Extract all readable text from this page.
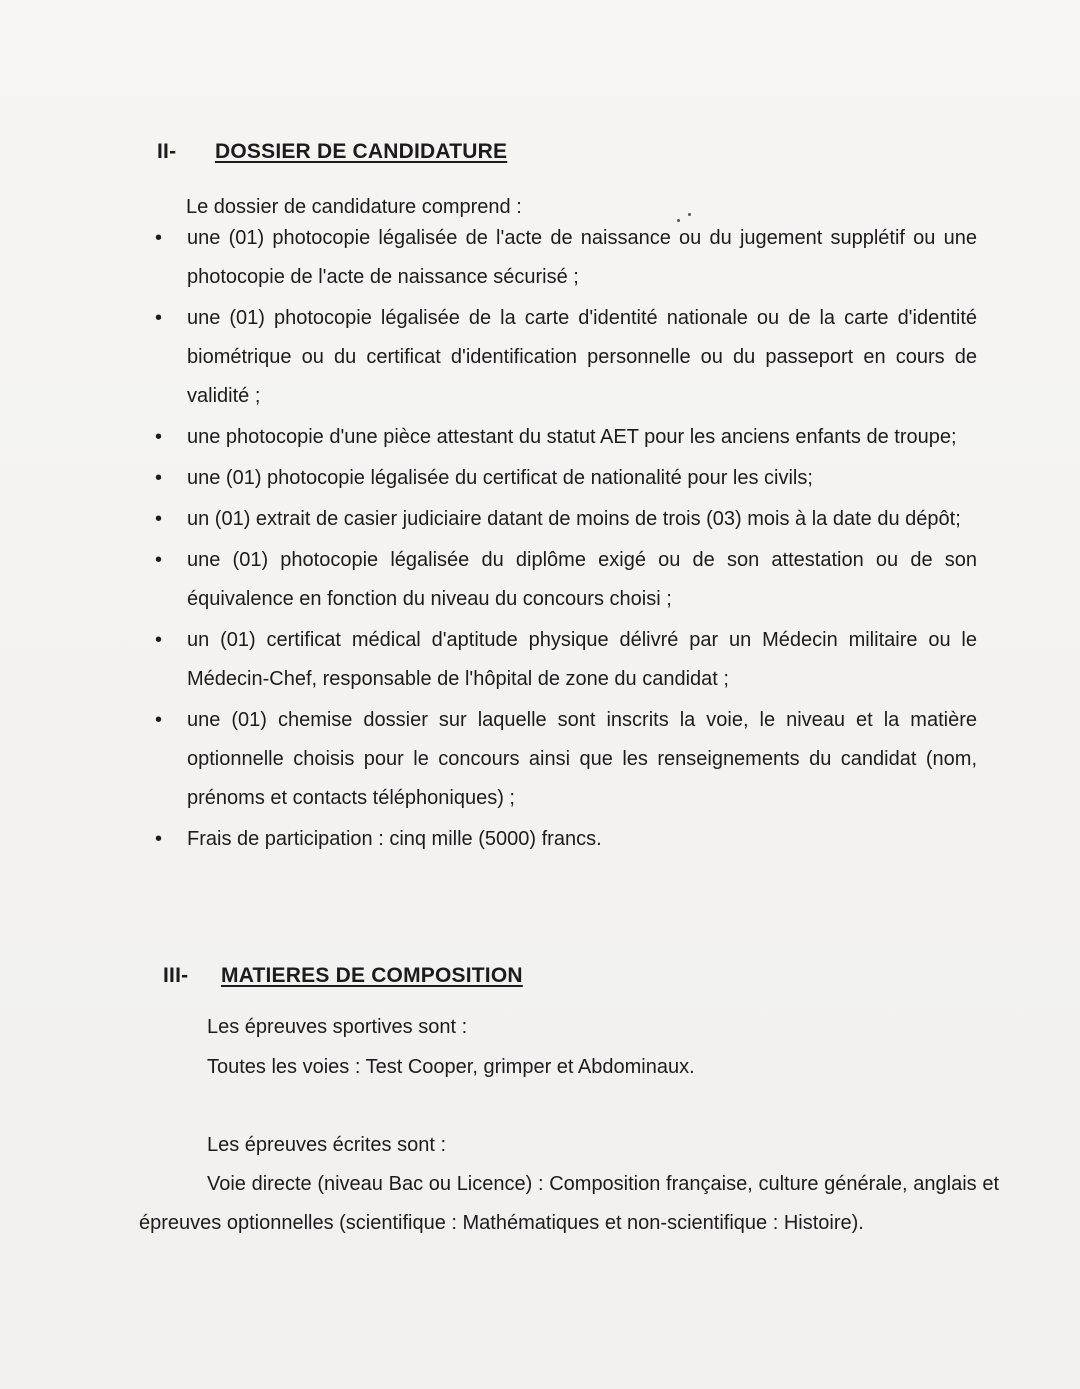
II- DOSSIER DE CANDIDATURE
Le dossier de candidature comprend :
• une (01) photocopie légalisée de l'acte de naissance ou du jugement supplétif ou une photocopie de l'acte de naissance sécurisé ;
• une (01) photocopie légalisée de la carte d'identité nationale ou de la carte d'identité biométrique ou du certificat d'identification personnelle ou du passeport en cours de validité ;
• une photocopie d'une pièce attestant du statut AET pour les anciens enfants de troupe;
• une (01) photocopie légalisée du certificat de nationalité pour les civils;
• un (01) extrait de casier judiciaire datant de moins de trois (03) mois à la date du dépôt;
• une (01) photocopie légalisée du diplôme exigé ou de son attestation ou de son équivalence en fonction du niveau du concours choisi ;
• un (01) certificat médical d'aptitude physique délivré par un Médecin militaire ou le Médecin-Chef, responsable de l'hôpital de zone du candidat ;
• une (01) chemise dossier sur laquelle sont inscrits la voie, le niveau et la matière optionnelle choisis pour le concours ainsi que les renseignements du candidat (nom, prénoms et contacts téléphoniques) ;
• Frais de participation : cinq mille (5000) francs.
III- MATIERES DE COMPOSITION
Les épreuves sportives sont :
Toutes les voies : Test Cooper, grimper et Abdominaux.
Les épreuves écrites sont :
Voie directe (niveau Bac ou Licence) : Composition française, culture générale, anglais et épreuves optionnelles (scientifique : Mathématiques et non-scientifique : Histoire).
